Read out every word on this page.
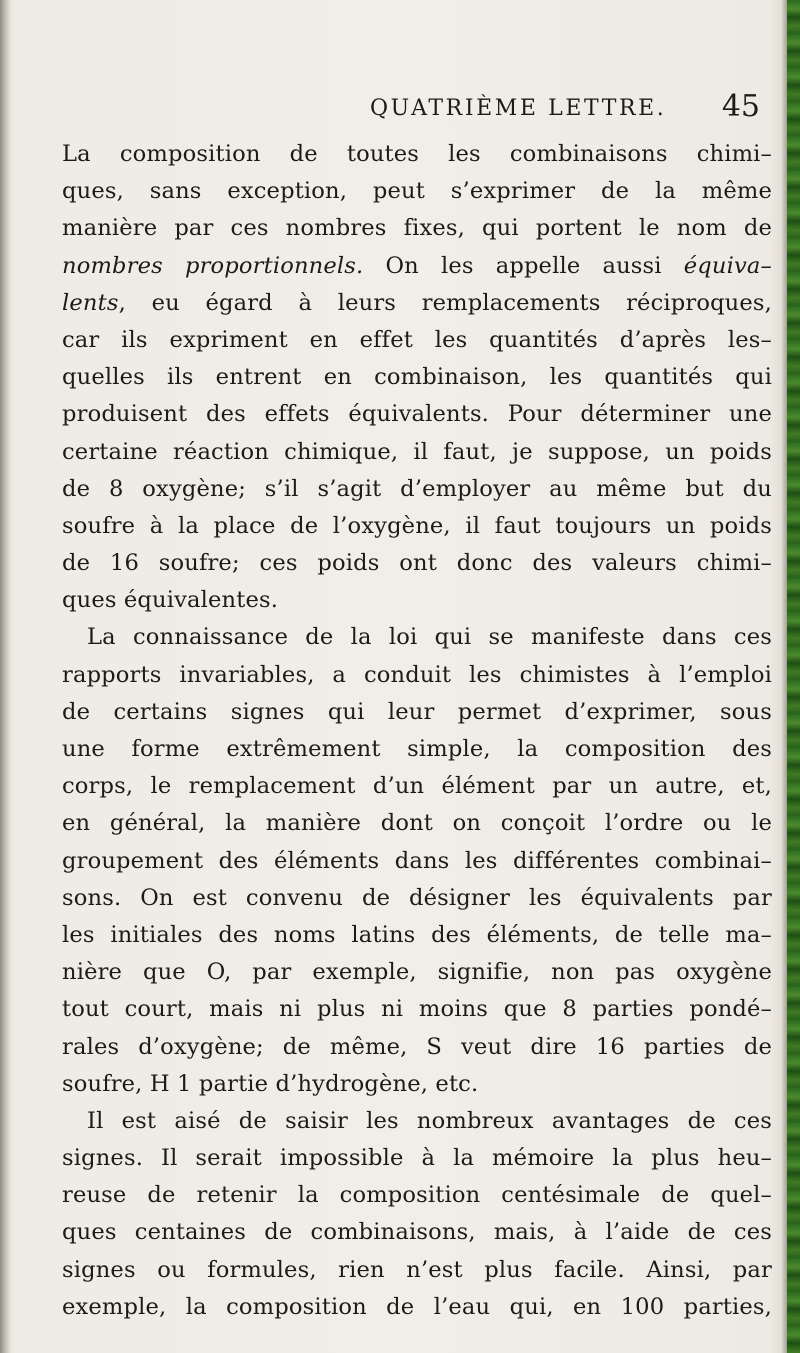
QUATRIÈME LETTRE. 45
La composition de toutes les combinaisons chimi–
ques, sans exception, peut s’exprimer de la même
manière par ces nombres fixes, qui portent le nom de
nombres proportionnels. On les appelle aussi équiva–
lents, eu égard à leurs remplacements réciproques,
car ils expriment en effet les quantités d’après les–
quelles ils entrent en combinaison, les quantités qui
produisent des effets équivalents. Pour déterminer une
certaine réaction chimique, il faut, je suppose, un poids
de 8 oxygène; s’il s’agit d’employer au même but du
soufre à la place de l’oxygène, il faut toujours un poids
de 16 soufre; ces poids ont donc des valeurs chimi–
ques équivalentes.
La connaissance de la loi qui se manifeste dans ces
rapports invariables, a conduit les chimistes à l’emploi
de certains signes qui leur permet d’exprimer, sous
une forme extrêmement simple, la composition des
corps, le remplacement d’un élément par un autre, et,
en général, la manière dont on conçoit l’ordre ou le
groupement des éléments dans les différentes combinai–
sons. On est convenu de désigner les équivalents par
les initiales des noms latins des éléments, de telle ma–
nière que O, par exemple, signifie, non pas oxygène
tout court, mais ni plus ni moins que 8 parties pondé–
rales d’oxygène; de même, S veut dire 16 parties de
soufre, H 1 partie d’hydrogène, etc.
Il est aisé de saisir les nombreux avantages de ces
signes. Il serait impossible à la mémoire la plus heu–
reuse de retenir la composition centésimale de quel–
ques centaines de combinaisons, mais, à l’aide de ces
signes ou formules, rien n’est plus facile. Ainsi, par
exemple, la composition de l’eau qui, en 100 parties,
